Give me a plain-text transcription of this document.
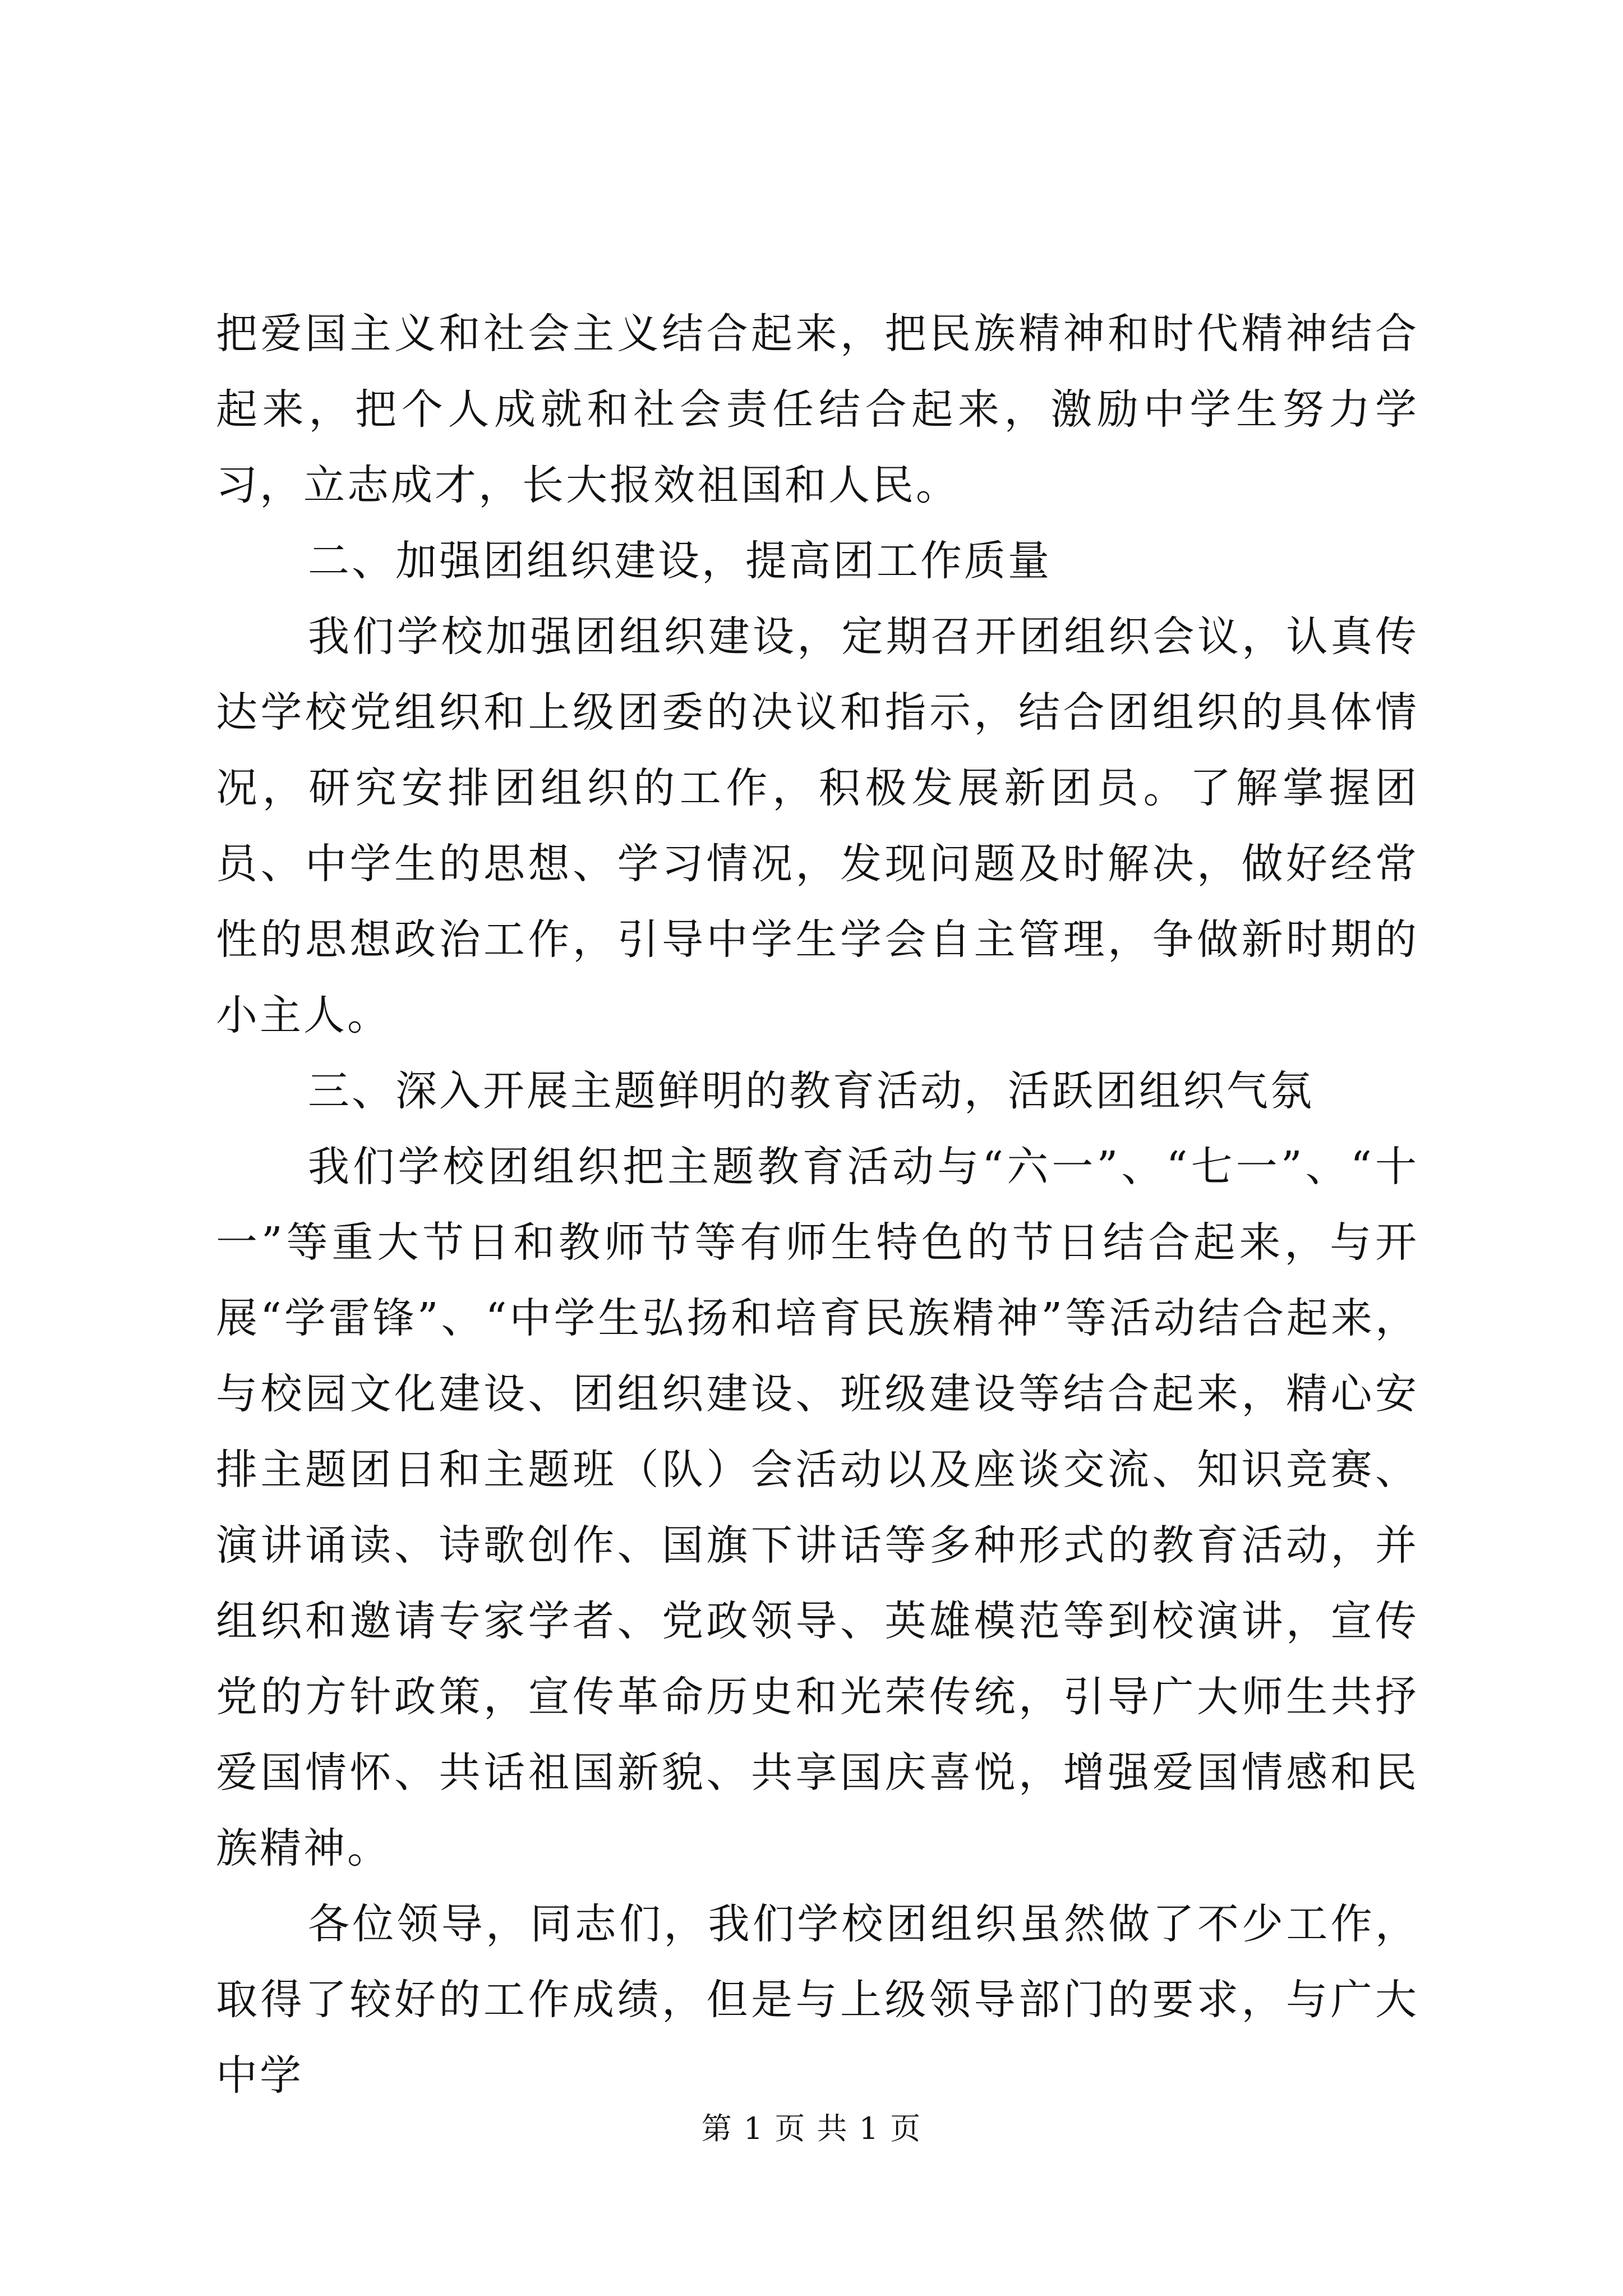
把爱国主义和社会主义结合起来，把民族精神和时代精神结合起来，把个人成就和社会责任结合起来，激励中学生努力学习，立志成才，长大报效祖国和人民。

二、加强团组织建设，提高团工作质量

我们学校加强团组织建设，定期召开团组织会议，认真传达学校党组织和上级团委的决议和指示，结合团组织的具体情况，研究安排团组织的工作，积极发展新团员。了解掌握团员、中学生的思想、学习情况，发现问题及时解决，做好经常性的思想政治工作，引导中学生学会自主管理，争做新时期的小主人。

三、深入开展主题鲜明的教育活动，活跃团组织气氛

我们学校团组织把主题教育活动与“六一”、“七一”、“十一”等重大节日和教师节等有师生特色的节日结合起来，与开展“学雷锋”、“中学生弘扬和培育民族精神”等活动结合起来，与校园文化建设、团组织建设、班级建设等结合起来，精心安排主题团日和主题班（队）会活动以及座谈交流、知识竞赛、演讲诵读、诗歌创作、国旗下讲话等多种形式的教育活动，并组织和邀请专家学者、党政领导、英雄模范等到校演讲，宣传党的方针政策，宣传革命历史和光荣传统，引导广大师生共抒爱国情怀、共话祖国新貌、共享国庆喜悦，增强爱国情感和民族精神。

各位领导，同志们，我们学校团组织虽然做了不少工作，取得了较好的工作成绩，但是与上级领导部门的要求，与广大中学

第 1 页 共 1 页
